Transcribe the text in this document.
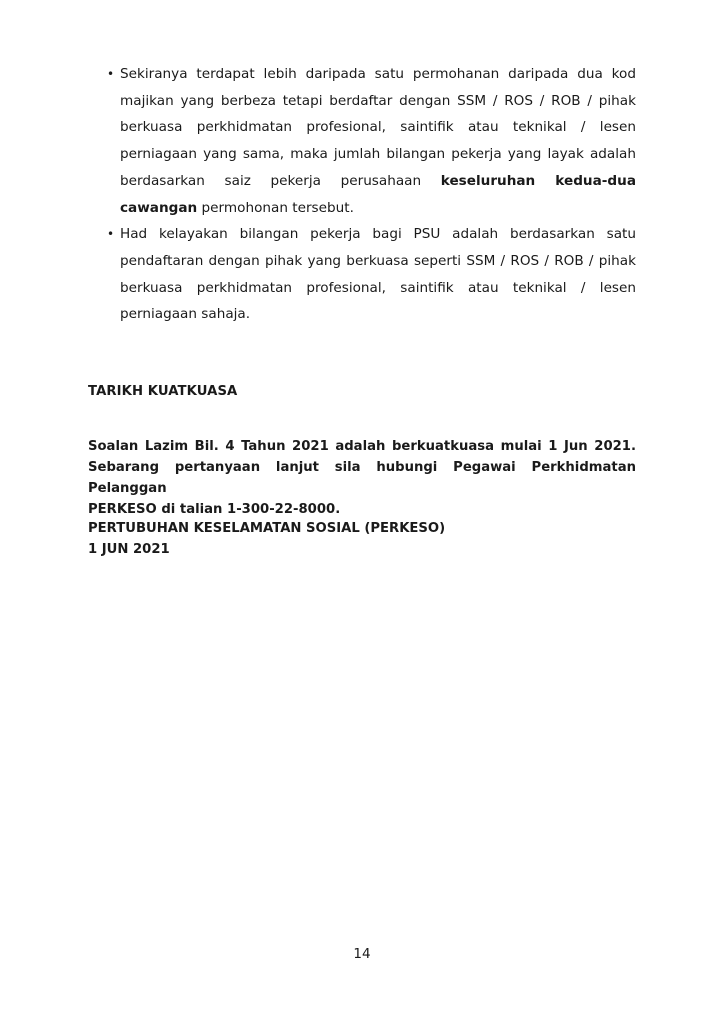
• Sekiranya terdapat lebih daripada satu permohanan daripada dua kod majikan yang berbeza tetapi berdaftar dengan SSM / ROS / ROB / pihak berkuasa perkhidmatan profesional, saintifik atau teknikal / lesen perniagaan yang sama, maka jumlah bilangan pekerja yang layak adalah berdasarkan saiz pekerja perusahaan keseluruhan kedua-dua cawangan permohonan tersebut.
• Had kelayakan bilangan pekerja bagi PSU adalah berdasarkan satu pendaftaran dengan pihak yang berkuasa seperti SSM / ROS / ROB / pihak berkuasa perkhidmatan profesional, saintifik atau teknikal / lesen perniagaan sahaja.

TARIKH KUATKUASA

Soalan Lazim Bil. 4 Tahun 2021 adalah berkuatkuasa mulai 1 Jun 2021.
Sebarang pertanyaan lanjut sila hubungi Pegawai Perkhidmatan Pelanggan
PERKESO di talian 1-300-22-8000.

PERTUBUHAN KESELAMATAN SOSIAL (PERKESO)
1 JUN 2021

14
